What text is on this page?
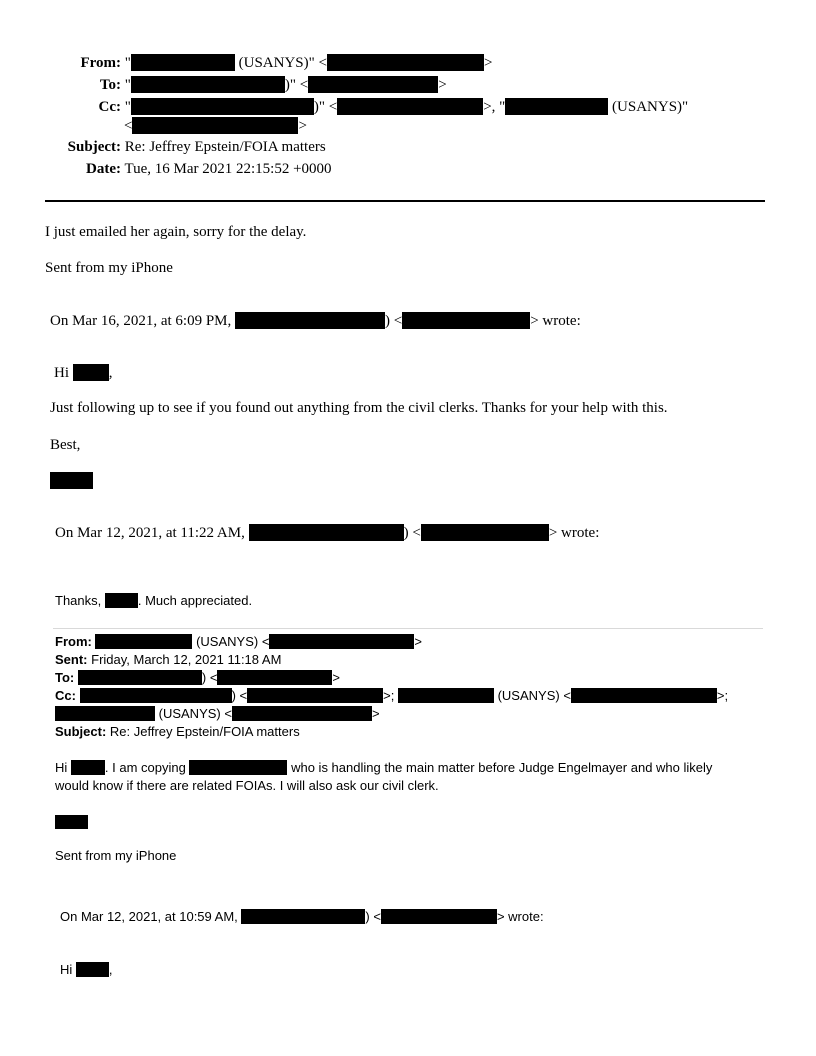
From: "	(USANYS)" <	>
To: "	)" <	>
Cc: "	)" <	>, "	(USANYS)"
<	>
Subject: Re: Jeffrey Epstein/FOIA matters
Date: Tue, 16 Mar 2021 22:15:52 +0000
I just emailed her again, sorry for the delay.
Sent from my iPhone
On Mar 16, 2021, at 6:09 PM,	) <	> wrote:
Hi	,
Just following up to see if you found out anything from the civil clerks. Thanks for your help with this.
Best,
On Mar 12, 2021, at 11:22 AM,	) <	> wrote:
Thanks,	. Much appreciated.
From:	(USANYS) <	>
Sent: Friday, March 12, 2021 11:18 AM
To:	) <	>
Cc:	) <	>;	(USANYS) <	>;
(USANYS) <	>
Subject: Re: Jeffrey Epstein/FOIA matters
Hi	. I am copying	who is handling the main matter before Judge Engelmayer and who likely
would know if there are related FOIAs. I will also ask our civil clerk.
Sent from my iPhone
On Mar 12, 2021, at 10:59 AM,	) <	> wrote:
Hi	,
